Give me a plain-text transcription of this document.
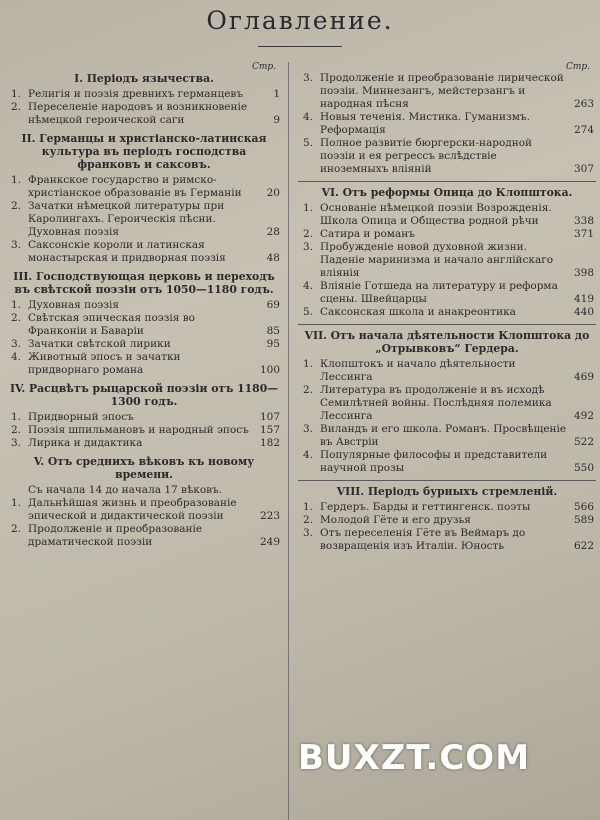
Оглавление.
Стр.
I. Періодъ язычества.
1. Религія и поэзія древнихъ германцевъ	1
2. Переселеніе народовъ и возникновеніе нѣмецкой героической саги	9
II. Германцы и христіанско-латинская культура въ періодъ господства франковъ и саксовъ.
1. Франкское государство и римско-христіанское образованіе въ Германіи	20
2. Зачатки нѣмецкой литературы при Каролингахъ. Героическія пѣсни. Духовная поэзія	28
3. Саксонскіе короли и латинская монастырская и придворная поэзія	48
III. Господствующая церковь и переходъ въ свѣтской поэзіи отъ 1050—1180 годъ.
1. Духовная поэзія	69
2. Свѣтская эпическая поэзія во Франконіи и Баваріи	85
3. Зачатки свѣтской лирики	95
4. Животный эпосъ и зачатки придворнаго романа	100
IV. Расцвѣтъ рыцарской поэзіи отъ 1180—1300 годъ.
1. Придворный эпосъ	107
2. Поэзія шпильмановъ и народный эпосъ	157
3. Лирика и дидактика	182
V. Отъ среднихъ вѣковъ къ новому времени.
Съ начала 14 до начала 17 вѣковъ.
1. Дальнѣйшая жизнь и преобразованіе эпической и дидактической поэзіи	223
2. Продолженіе и преобразованіе драматической поэзіи	249
Стр.
3. Продолженіе и преобразованіе лирической поэзіи. Миннезангъ, мейстерзангъ и народная пѣсня	263
4. Новыя теченія. Мистика. Гуманизмъ. Реформація	274
5. Полное развитіе бюргерски-народной поэзіи и ея регрессъ вслѣдствіе иноземныхъ вліяній	307
VI. Отъ реформы Опица до Клопштока.
1. Основаніе нѣмецкой поэзіи Возрожденія. Школа Опица и Общества родной рѣчи	338
2. Сатира и романъ	371
3. Пробужденіе новой духовной жизни. Паденіе маринизма и начало англійскаго вліянія	398
4. Вліяніе Готшеда на литературу и реформа сцены. Швейцарцы	419
5. Саксонская школа и анакреонтика	440
VII. Отъ начала дѣятельности Клопштока до „Отрывковъ“ Гердера.
1. Клопштокъ и начало дѣятельности Лессинга	469
2. Литература въ продолженіе и въ исходѣ Семилѣтней войны. Послѣдняя полемика Лессинга	492
3. Виландъ и его школа. Романъ. Просвѣщеніе въ Австріи	522
4. Популярные философы и представители научной прозы	550
VIII. Періодъ бурныхъ стремленій.
1. Гердеръ. Барды и геттингенск. поэты	566
2. Молодой Гёте и его друзья	589
3. Отъ переселенія Гёте въ Веймаръ до возвращенія изъ Италіи. Юность	622
BUXZT.COM
